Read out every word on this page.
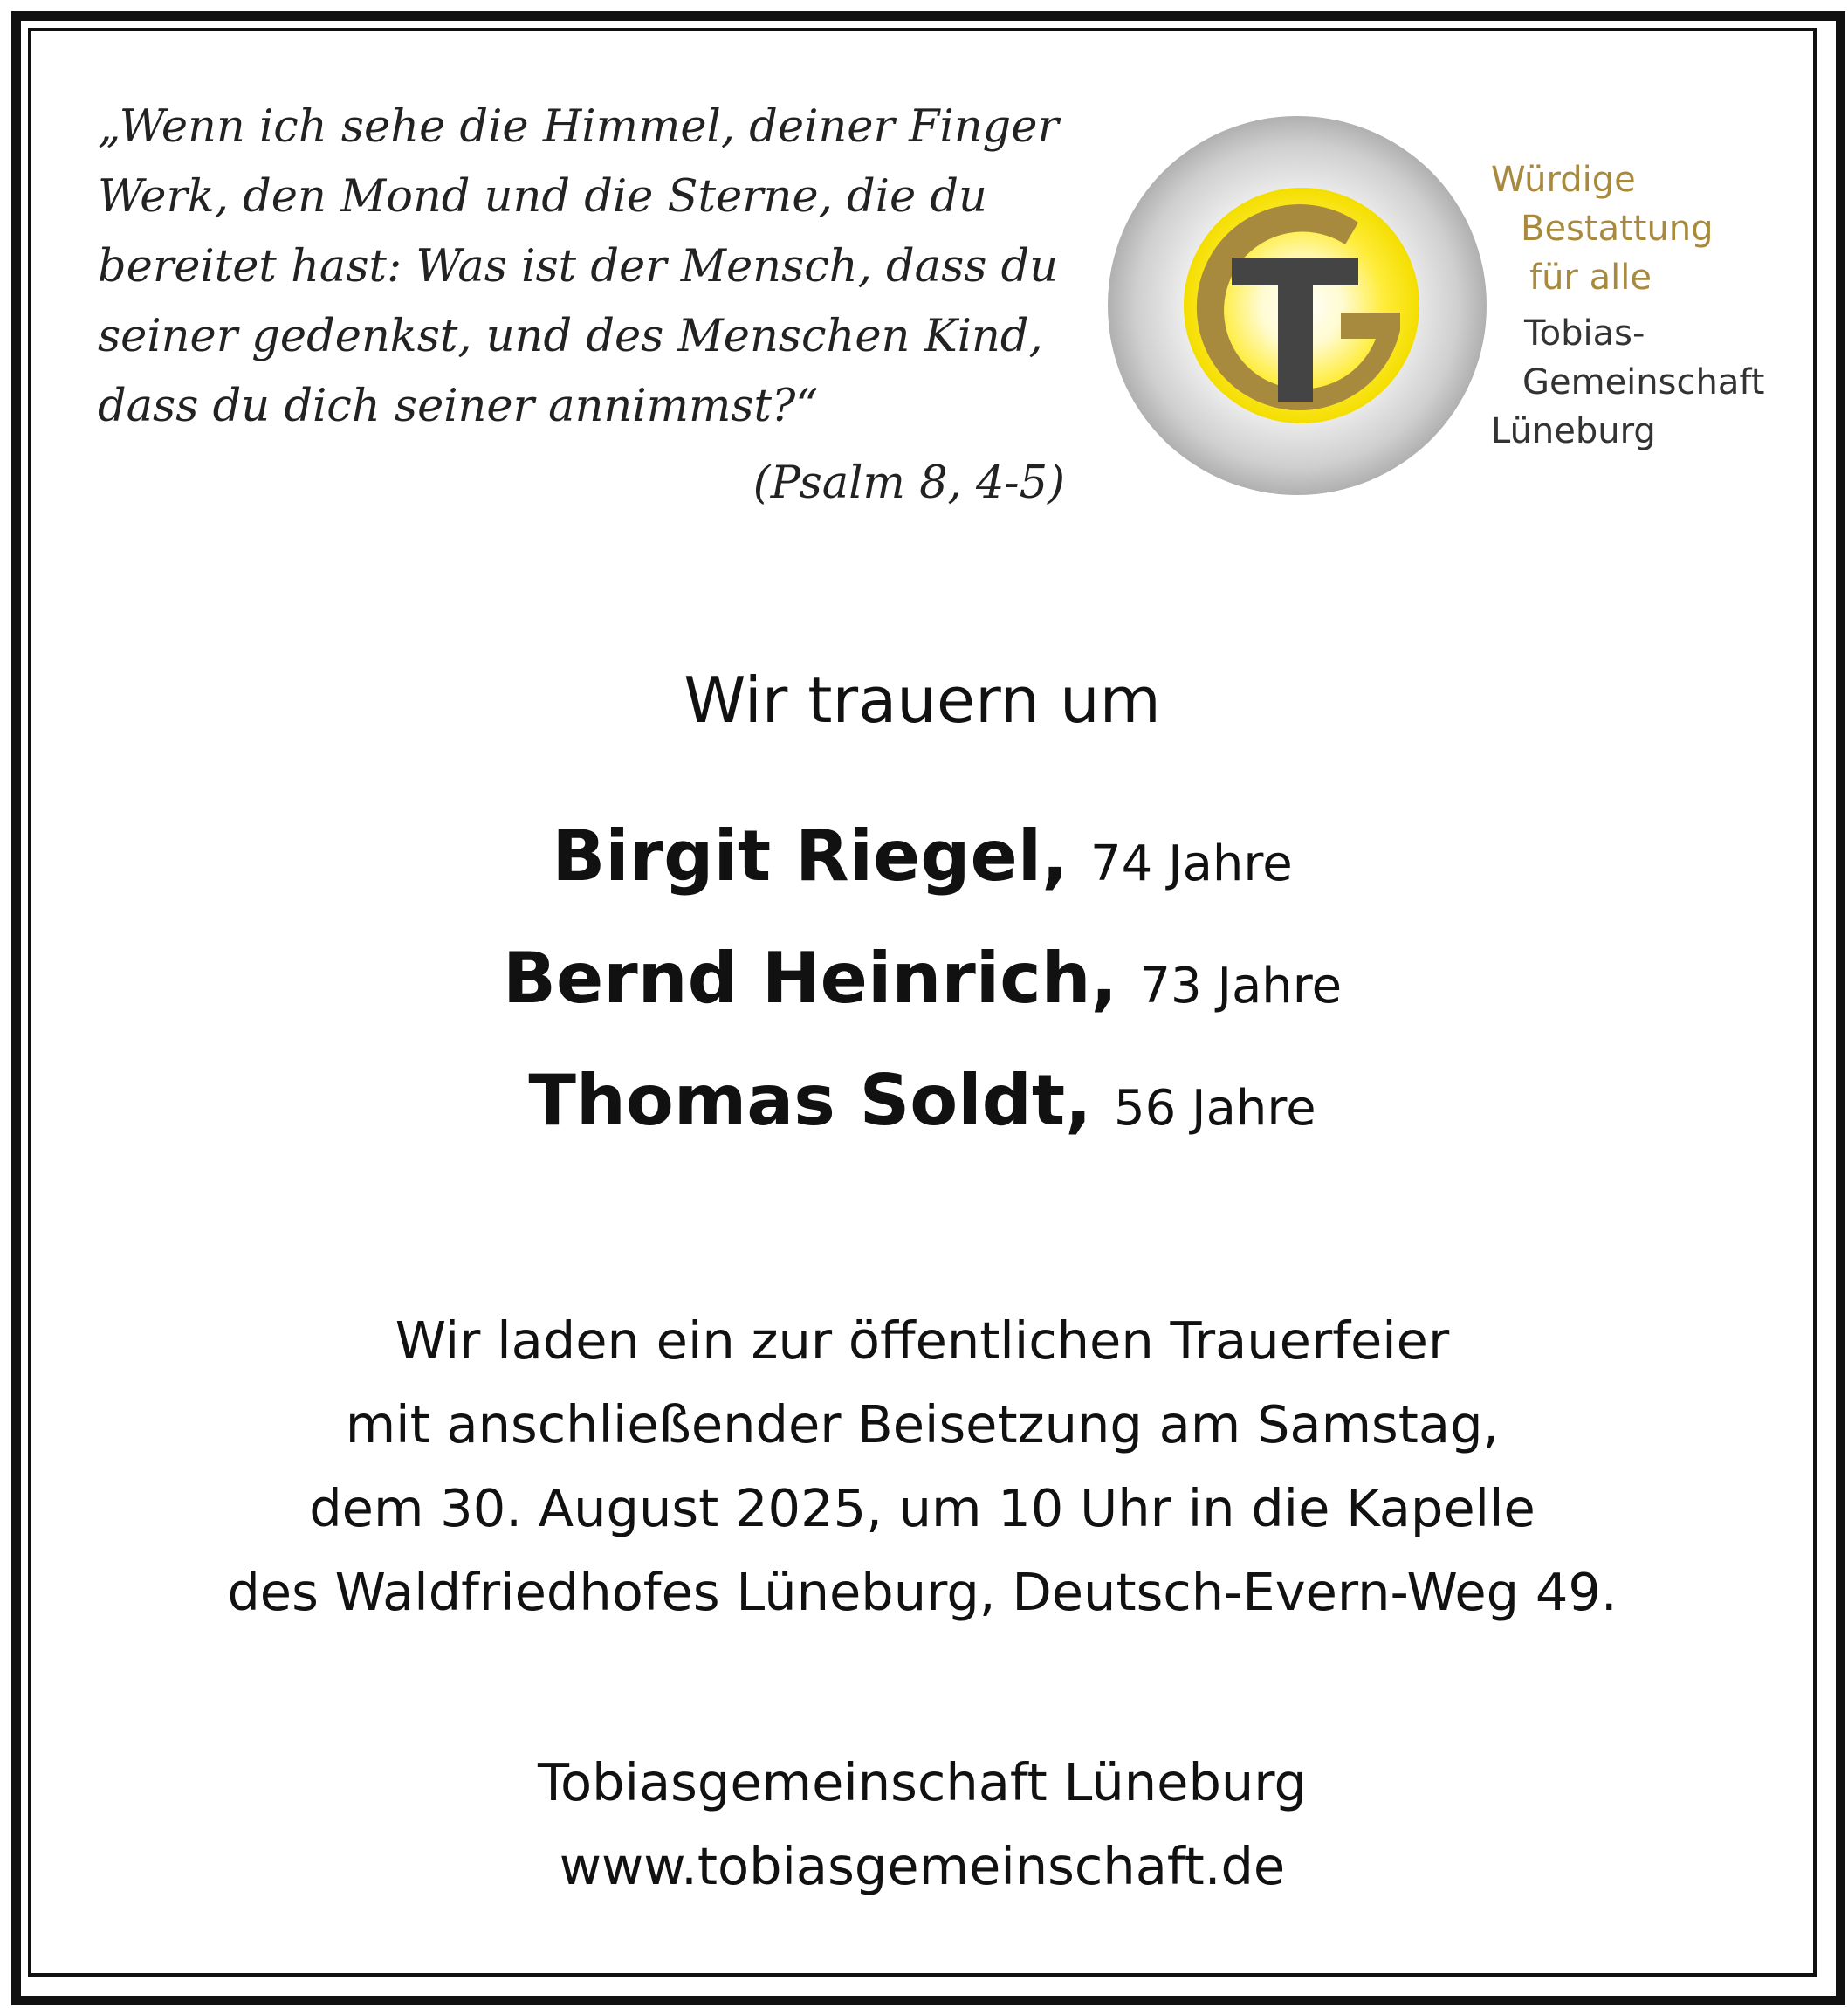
„Wenn ich sehe die Himmel, deiner Finger
Werk, den Mond und die Sterne, die du
bereitet hast: Was ist der Mensch, dass du
seiner gedenkst, und des Menschen Kind,
dass du dich seiner annimmst?“
(Psalm 8, 4-5)
Würdige
Bestattung
für alle
Tobias-
Gemeinschaft
Lüneburg
Wir trauern um
Birgit Riegel, 74 Jahre
Bernd Heinrich, 73 Jahre
Thomas Soldt, 56 Jahre
Wir laden ein zur öffentlichen Trauerfeier
mit anschließender Beisetzung am Samstag,
dem 30. August 2025, um 10 Uhr in die Kapelle
des Waldfriedhofes Lüneburg, Deutsch-Evern-Weg 49.
Tobiasgemeinschaft Lüneburg
www.tobiasgemeinschaft.de
